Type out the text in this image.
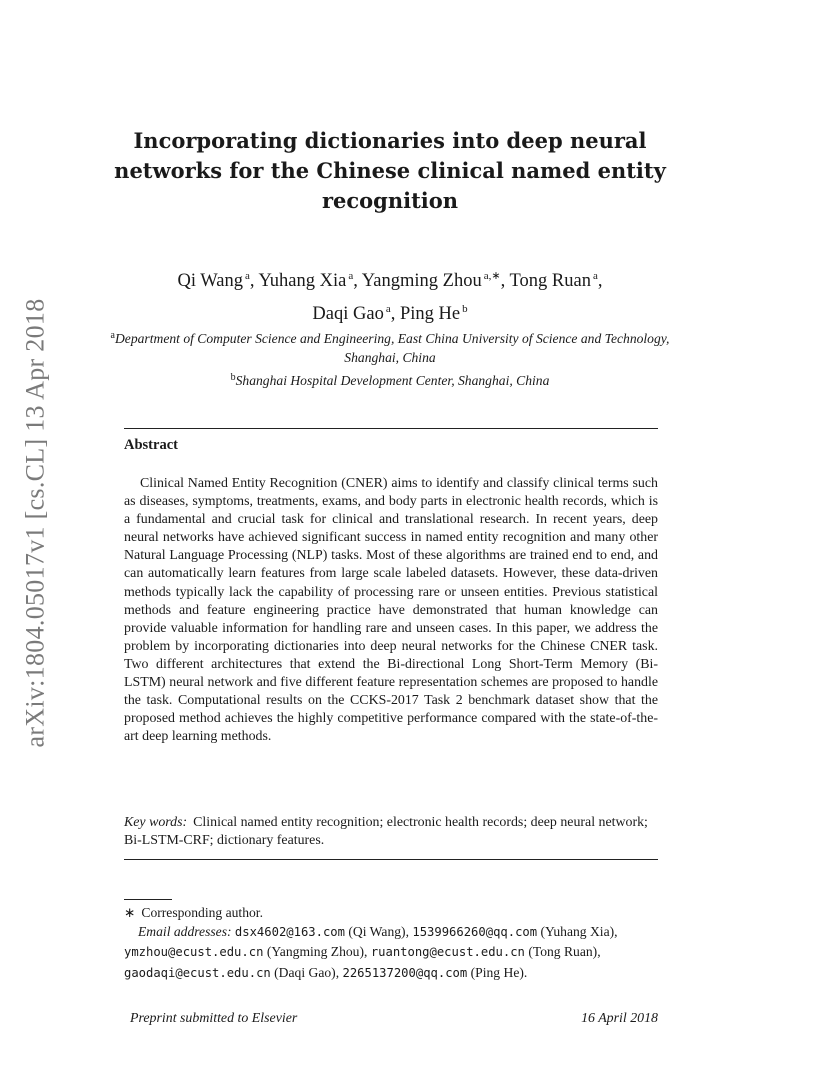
arXiv:1804.05017v1 [cs.CL] 13 Apr 2018
Incorporating dictionaries into deep neural networks for the Chinese clinical named entity recognition
Qi Wang $^a$, Yuhang Xia $^a$, Yangming Zhou $^{a,∗}$, Tong Ruan $^a$,
Daqi Gao $^a$, Ping He $^b$
$^a$Department of Computer Science and Engineering, East China University of Science and Technology, Shanghai, China
$^b$Shanghai Hospital Development Center, Shanghai, China
Abstract
Clinical Named Entity Recognition (CNER) aims to identify and classify clinical terms such as diseases, symptoms, treatments, exams, and body parts in electronic health records, which is a fundamental and crucial task for clinical and translational research. In recent years, deep neural networks have achieved significant success in named entity recognition and many other Natural Language Processing (NLP) tasks. Most of these algorithms are trained end to end, and can automatically learn features from large scale labeled datasets. However, these data-driven methods typically lack the capability of processing rare or unseen entities. Previous statistical methods and feature engineering practice have demonstrated that human knowledge can provide valuable information for handling rare and unseen cases. In this paper, we address the problem by incorporating dictionaries into deep neural networks for the Chinese CNER task. Two different architectures that extend the Bi-directional Long Short-Term Memory (Bi-LSTM) neural network and five different feature representation schemes are proposed to handle the task. Computational results on the CCKS-2017 Task 2 benchmark dataset show that the proposed method achieves the highly competitive performance compared with the state-of-the-art deep learning methods.
Key words: Clinical named entity recognition; electronic health records; deep neural network; Bi-LSTM-CRF; dictionary features.
∗ Corresponding author.
Email addresses: dsx4602@163.com (Qi Wang), 1539966260@qq.com (Yuhang Xia), ymzhou@ecust.edu.cn (Yangming Zhou), ruantong@ecust.edu.cn (Tong Ruan), gaodaqi@ecust.edu.cn (Daqi Gao), 2265137200@qq.com (Ping He).
Preprint submitted to Elsevier	16 April 2018
